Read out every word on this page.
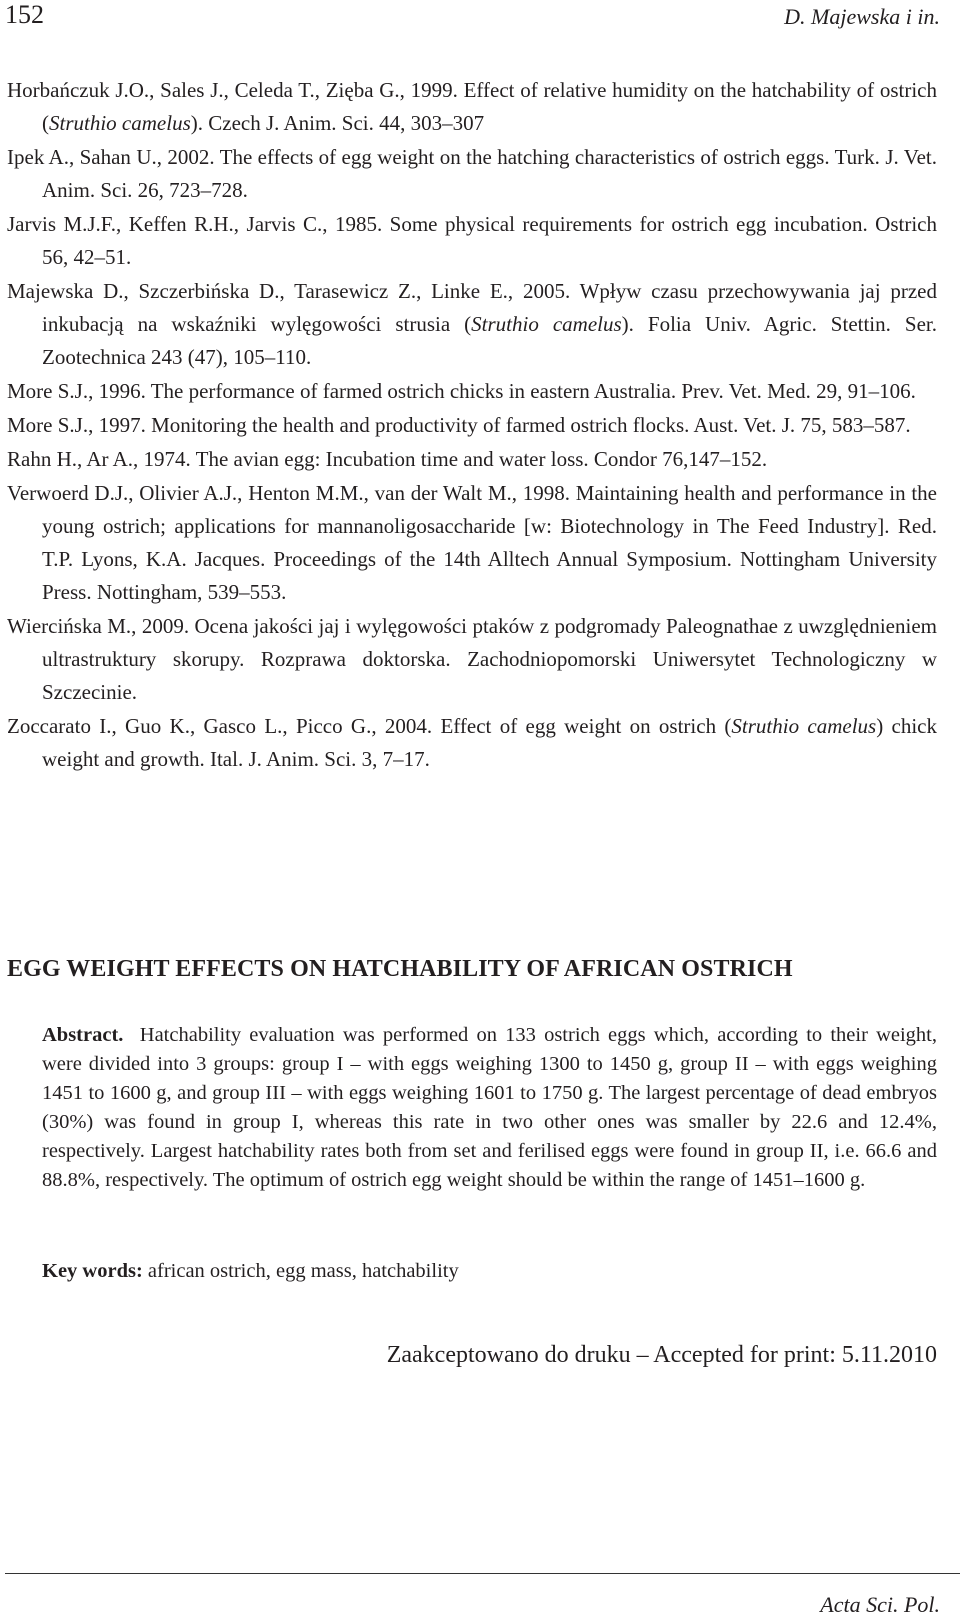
152	D. Majewska i in.
Horbańczuk J.O., Sales J., Celeda T., Zięba G., 1999. Effect of relative humidity on the hatchability of ostrich (Struthio camelus). Czech J. Anim. Sci. 44, 303–307
Ipek A., Sahan U., 2002. The effects of egg weight on the hatching characteristics of ostrich eggs. Turk. J. Vet. Anim. Sci. 26, 723–728.
Jarvis M.J.F., Keffen R.H., Jarvis C., 1985. Some physical requirements for ostrich egg incubation. Ostrich 56, 42–51.
Majewska D., Szczerbińska D., Tarasewicz Z., Linke E., 2005. Wpływ czasu przechowywania jaj przed inkubacją na wskaźniki wylęgowości strusia (Struthio camelus). Folia Univ. Agric. Stettin. Ser. Zootechnica 243 (47), 105–110.
More S.J., 1996. The performance of farmed ostrich chicks in eastern Australia. Prev. Vet. Med. 29, 91–106.
More S.J., 1997. Monitoring the health and productivity of farmed ostrich flocks. Aust. Vet. J. 75, 583–587.
Rahn H., Ar A., 1974. The avian egg: Incubation time and water loss. Condor 76,147–152.
Verwoerd D.J., Olivier A.J., Henton M.M., van der Walt M., 1998. Maintaining health and performance in the young ostrich; applications for mannanoligosaccharide [w: Biotechnology in The Feed Industry]. Red. T.P. Lyons, K.A. Jacques. Proceedings of the 14th Alltech Annual Symposium. Nottingham University Press. Nottingham, 539–553.
Wiercińska M., 2009. Ocena jakości jaj i wylęgowości ptaków z podgromady Paleognathae z uwzględnieniem ultrastruktury skorupy. Rozprawa doktorska. Zachodniopomorski Uniwersytet Technologiczny w Szczecinie.
Zoccarato I., Guo K., Gasco L., Picco G., 2004. Effect of egg weight on ostrich (Struthio camelus) chick weight and growth. Ital. J. Anim. Sci. 3, 7–17.
EGG WEIGHT EFFECTS ON HATCHABILITY OF AFRICAN OSTRICH
Abstract. Hatchability evaluation was performed on 133 ostrich eggs which, according to their weight, were divided into 3 groups: group I – with eggs weighing 1300 to 1450 g, group II – with eggs weighing 1451 to 1600 g, and group III – with eggs weighing 1601 to 1750 g. The largest percentage of dead embryos (30%) was found in group I, whereas this rate in two other ones was smaller by 22.6 and 12.4%, respectively. Largest hatchability rates both from set and ferilised eggs were found in group II, i.e. 66.6 and 88.8%, respectively. The optimum of ostrich egg weight should be within the range of 1451–1600 g.
Key words: african ostrich, egg mass, hatchability
Zaakceptowano do druku – Accepted for print: 5.11.2010
Acta Sci. Pol.
